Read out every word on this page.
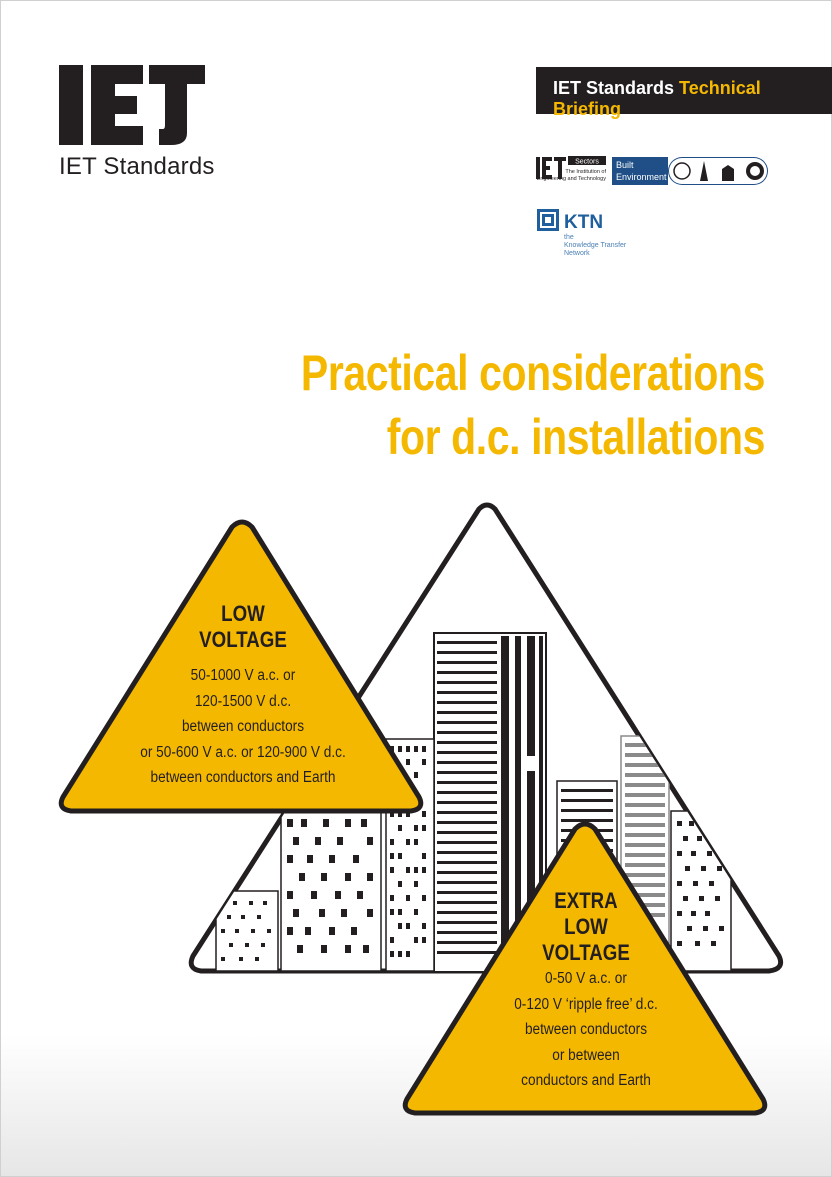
IET Standards
IET Standards Technical Briefing
Sectors
The Institution of
Engineering and Technology
Built
Environment
KTN
the
Knowledge Transfer
Network
Practical considerations
for d.c. installations
LOW
VOLTAGE
50-1000 V a.c. or
120-1500 V d.c.
between conductors
or 50-600 V a.c. or 120-900 V d.c.
between conductors and Earth
EXTRA
LOW
VOLTAGE
0-50 V a.c. or
0-120 V ‘ripple free’ d.c.
between conductors
or between
conductors and Earth
